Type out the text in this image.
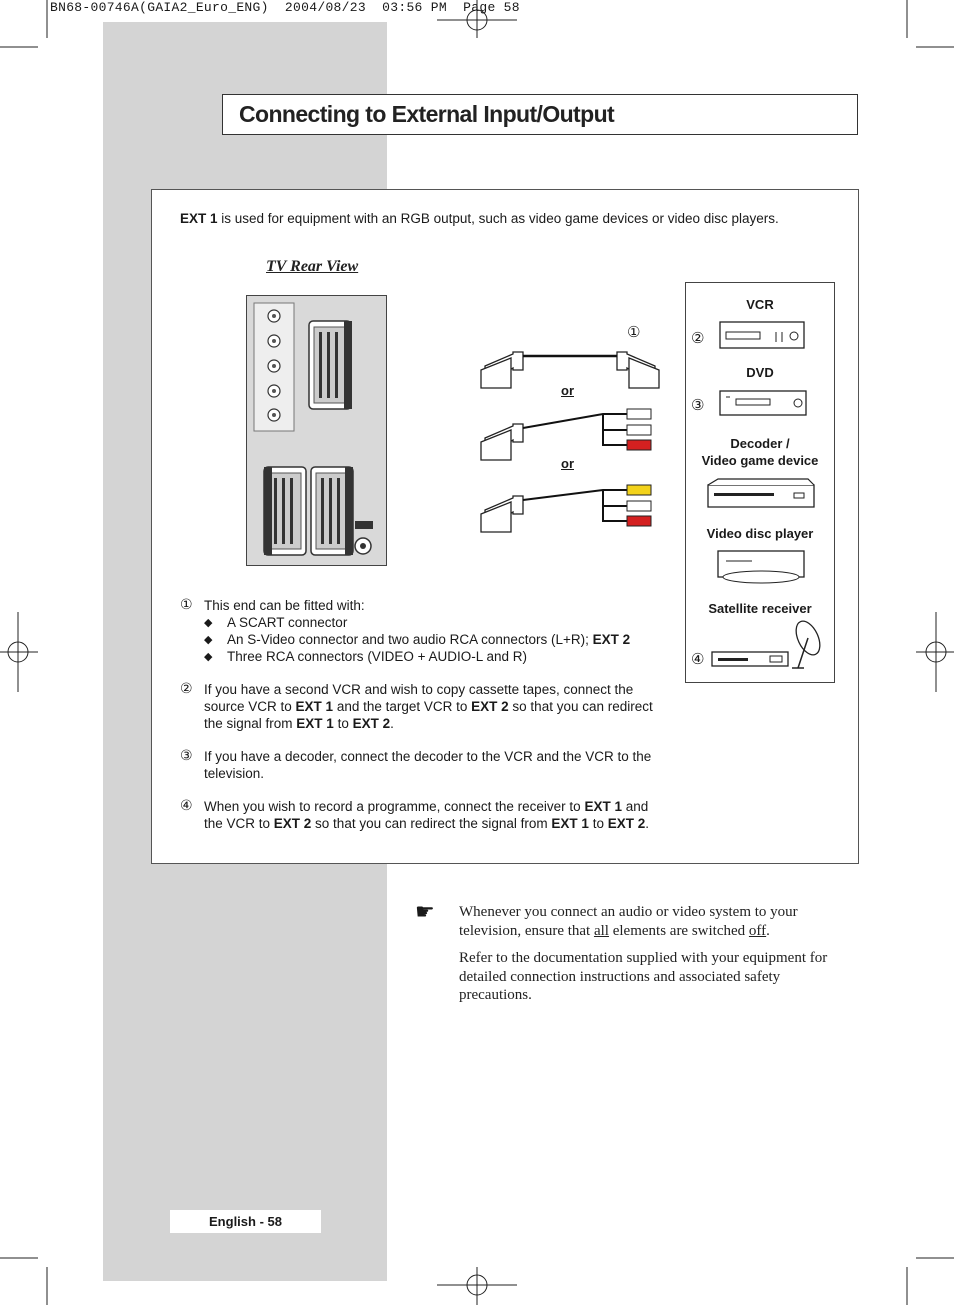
BN68-00746A(GAIA2_Euro_ENG)  2004/08/23  03:56 PM  Page 58
Connecting to External Input/Output
EXT 1 is used for equipment with an RGB output, such as video game devices or video disc players.
TV Rear View
①
or
or
VCR
②
DVD
③
Decoder /
Video game device
Video disc player
Satellite receiver
④
① This end can be fitted with:
◆ A SCART connector
◆ An S-Video connector and two audio RCA connectors (L+R); EXT 2
◆ Three RCA connectors (VIDEO + AUDIO-L and R)
② If you have a second VCR and wish to copy cassette tapes, connect the source VCR to EXT 1 and the target VCR to EXT 2 so that you can redirect the signal from EXT 1 to EXT 2.
③ If you have a decoder, connect the decoder to the VCR and the VCR to the television.
④ When you wish to record a programme, connect the receiver to EXT 1 and the VCR to EXT 2 so that you can redirect the signal from EXT 1 to EXT 2.
☛ Whenever you connect an audio or video system to your television, ensure that all elements are switched off.

Refer to the documentation supplied with your equipment for detailed connection instructions and associated safety precautions.

English - 58
